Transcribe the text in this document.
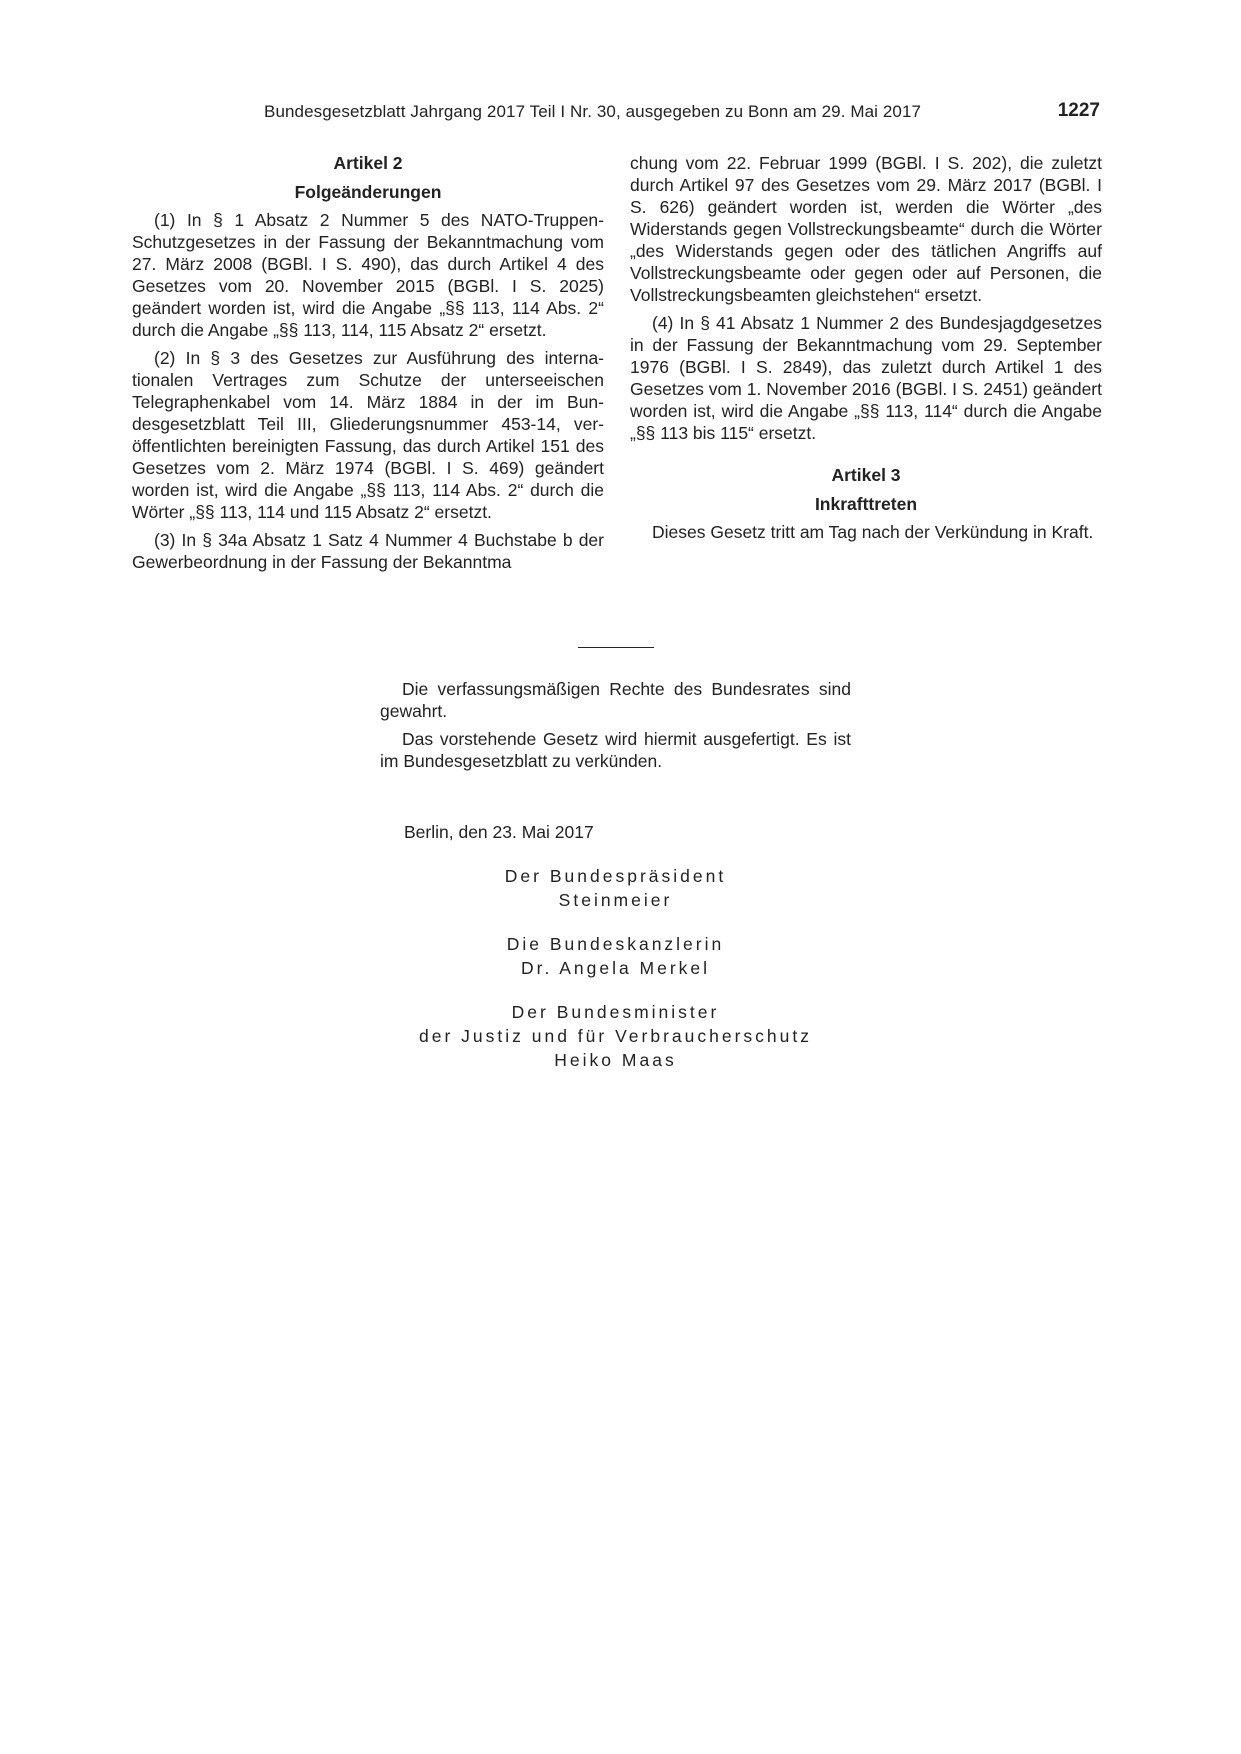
Bundesgesetzblatt Jahrgang 2017 Teil I Nr. 30, ausgegeben zu Bonn am 29. Mai 2017	1227

Artikel 2

Folgeänderungen

(1) In § 1 Absatz 2 Nummer 5 des NATO-Truppen-Schutzgesetzes in der Fassung der Bekanntmachung vom 27. März 2008 (BGBl. I S. 490), das durch Artikel 4 des Gesetzes vom 20. November 2015 (BGBl. I S. 2025) geändert worden ist, wird die Angabe „§§ 113, 114 Abs. 2“ durch die Angabe „§§ 113, 114, 115 Absatz 2“ ersetzt.

(2) In § 3 des Gesetzes zur Ausführung des internationalen Vertrages zum Schutze der unterseeischen Telegraphenkabel vom 14. März 1884 in der im Bundesgesetzblatt Teil III, Gliederungsnummer 453-14, veröffentlichten bereinigten Fassung, das durch Artikel 151 des Gesetzes vom 2. März 1974 (BGBl. I S. 469) geändert worden ist, wird die Angabe „§§ 113, 114 Abs. 2“ durch die Wörter „§§ 113, 114 und 115 Absatz 2“ ersetzt.

(3) In § 34a Absatz 1 Satz 4 Nummer 4 Buchstabe b der Gewerbeordnung in der Fassung der Bekanntma

chung vom 22. Februar 1999 (BGBl. I S. 202), die zuletzt durch Artikel 97 des Gesetzes vom 29. März 2017 (BGBl. I S. 626) geändert worden ist, werden die Wörter „des Widerstands gegen Vollstreckungsbeamte“ durch die Wörter „des Widerstands gegen oder des tätlichen Angriffs auf Vollstreckungsbeamte oder gegen oder auf Personen, die Vollstreckungsbeamten gleichstehen“ ersetzt.

(4) In § 41 Absatz 1 Nummer 2 des Bundesjagdgesetzes in der Fassung der Bekanntmachung vom 29. September 1976 (BGBl. I S. 2849), das zuletzt durch Artikel 1 des Gesetzes vom 1. November 2016 (BGBl. I S. 2451) geändert worden ist, wird die Angabe „§§ 113, 114“ durch die Angabe „§§ 113 bis 115“ ersetzt.

Artikel 3

Inkrafttreten

Dieses Gesetz tritt am Tag nach der Verkündung in Kraft.

Die verfassungsmäßigen Rechte des Bundesrates sind gewahrt.

Das vorstehende Gesetz wird hiermit ausgefertigt. Es ist im Bundesgesetzblatt zu verkünden.

Berlin, den 23. Mai 2017
Der Bundespräsident
Steinmeier
Die Bundeskanzlerin
Dr. Angela Merkel
Der Bundesminister
der Justiz und für Verbraucherschutz
Heiko Maas
